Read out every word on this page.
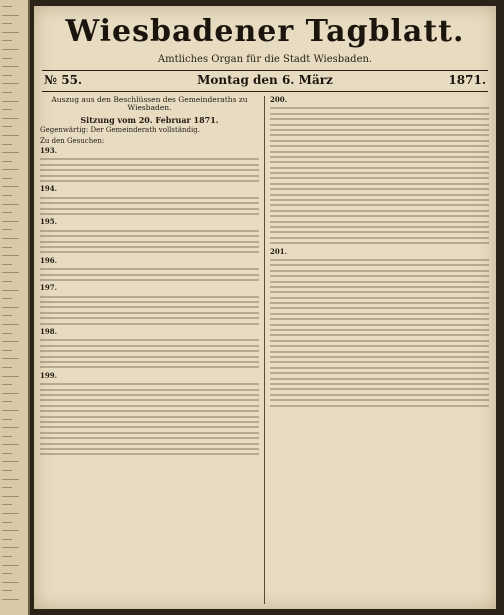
Wiesbadener Tagblatt.
Amtliches Organ für die Stadt Wiesbaden.
№ 55.	Montag den 6. März	1871.
Auszug aus den Beschlüssen des Gemeinderaths zu Wiesbaden.
Sitzung vom 20. Februar 1871.
Gegenwärtig: Der Gemeinderath vollständig.
Zu den Gesuchen:
193.
194.
195.
196.
197.
198.
199.
200.
201.
